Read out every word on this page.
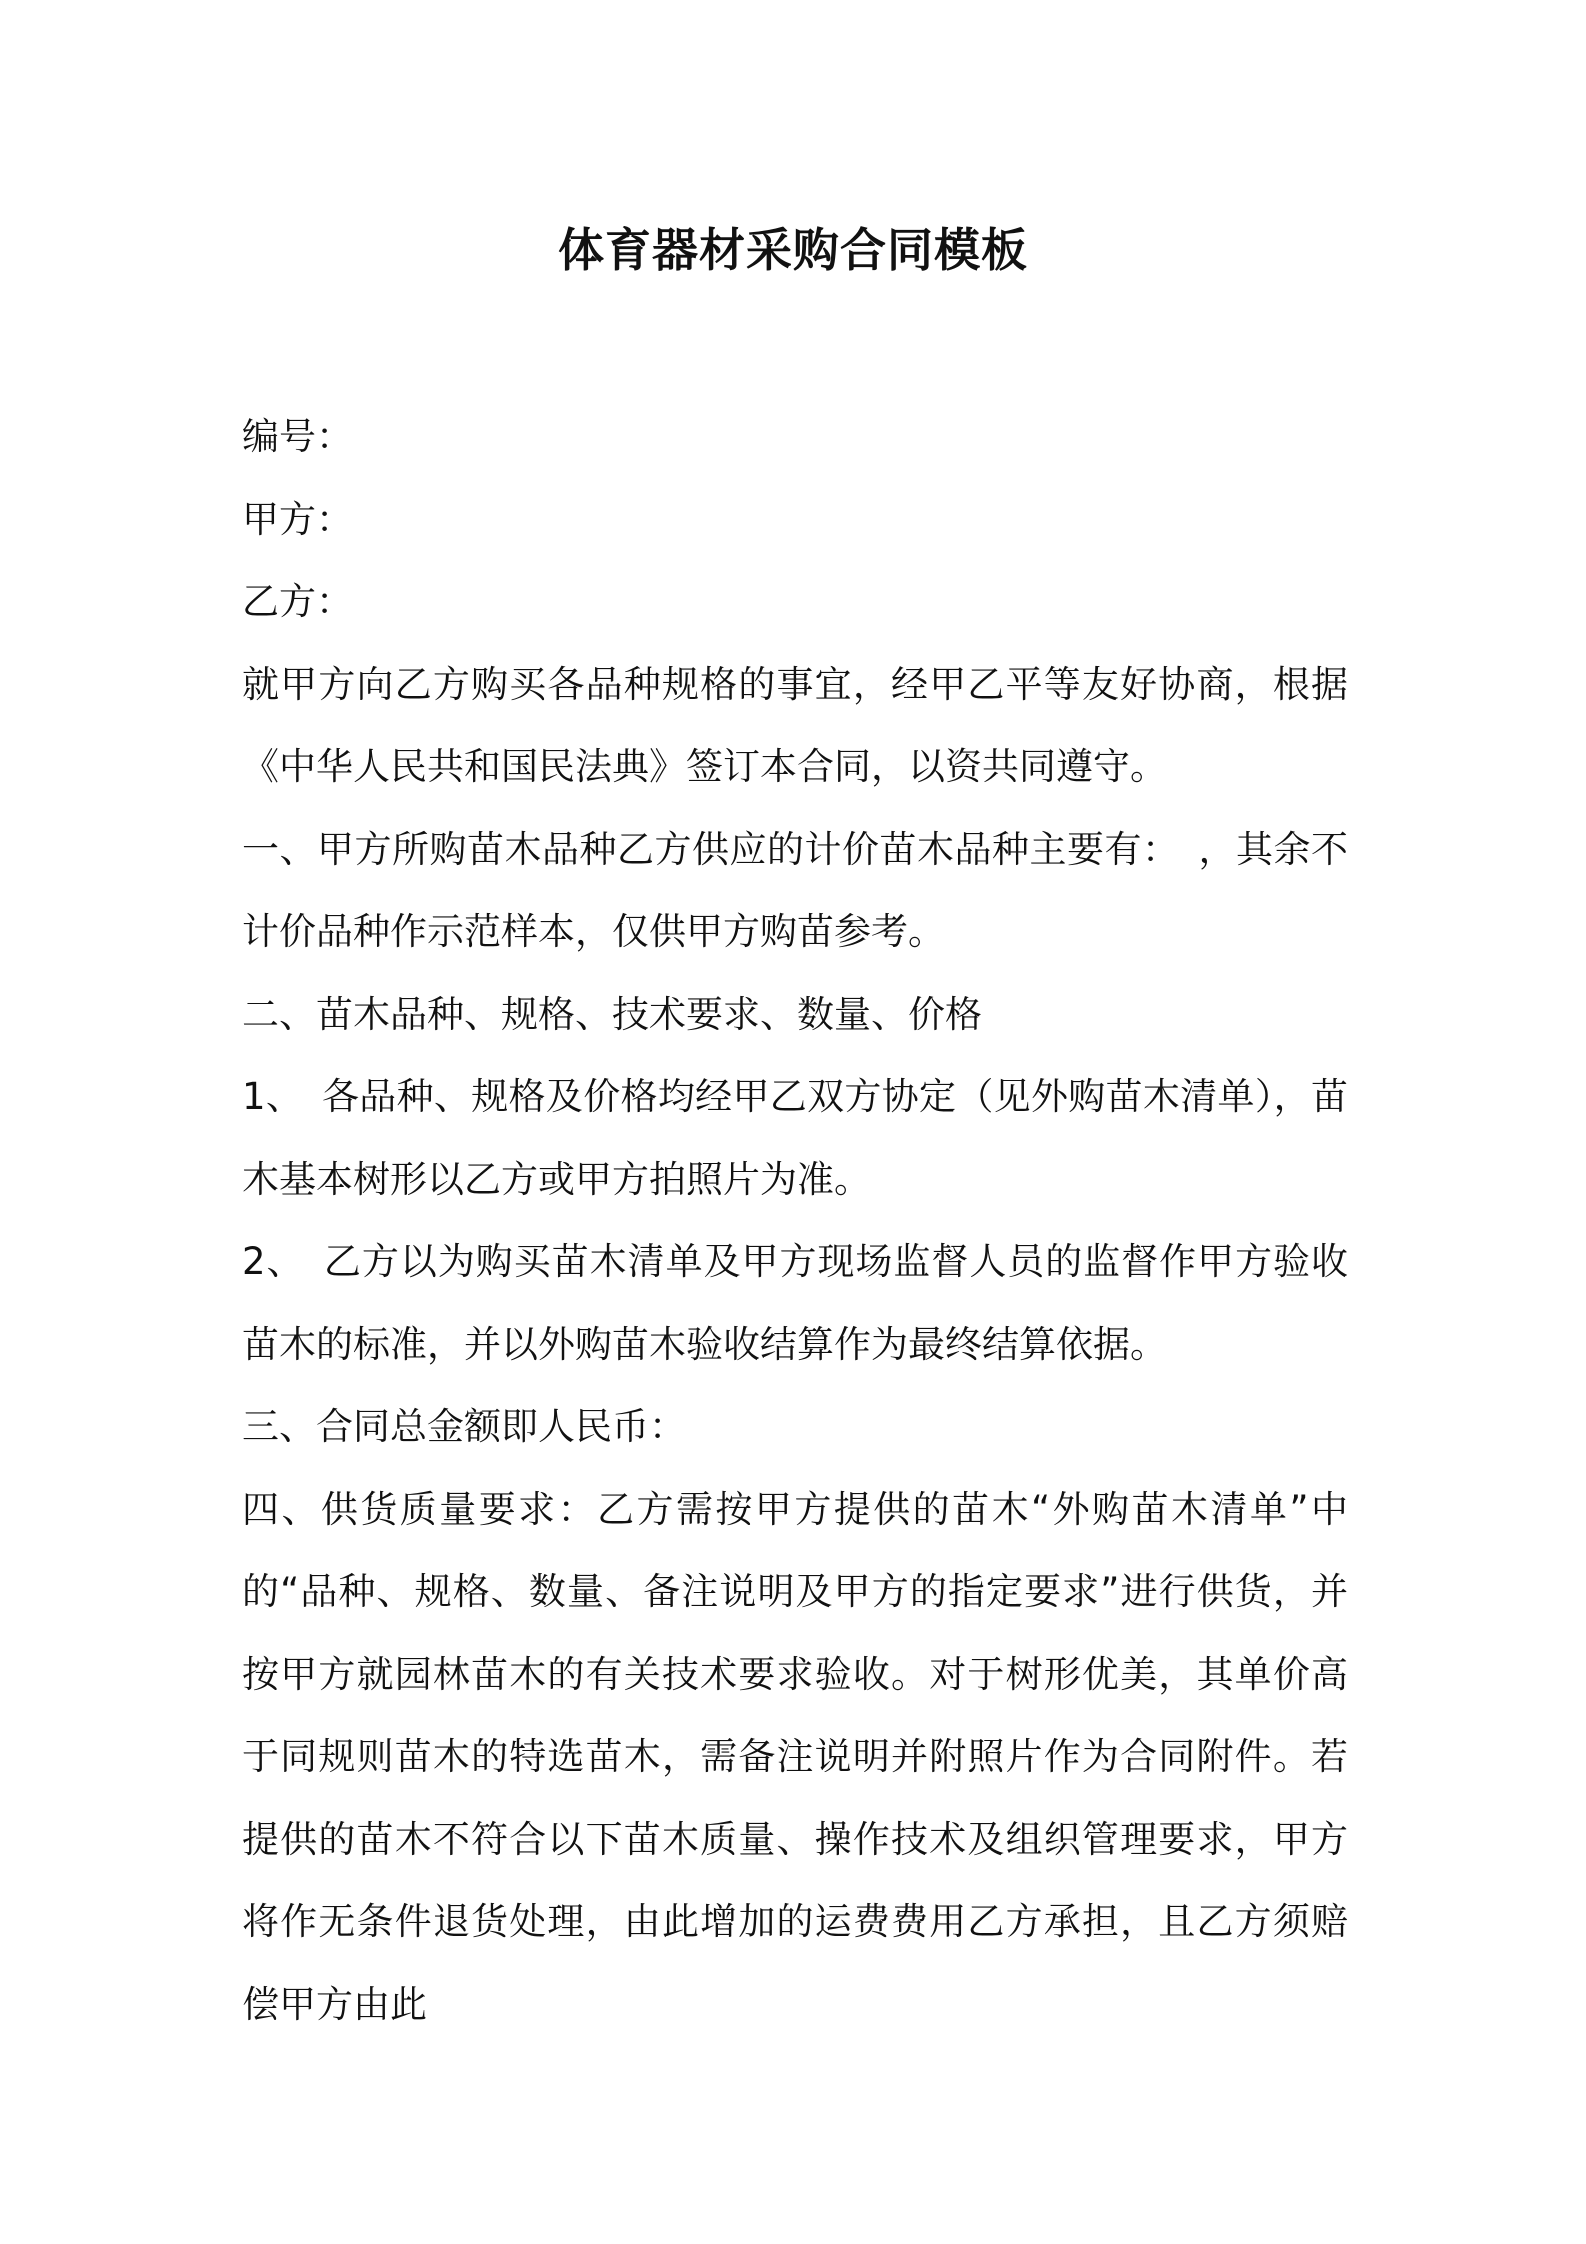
体育器材采购合同模板

编号：

甲方：

乙方：

就甲方向乙方购买各品种规格的事宜，经甲乙平等友好协商，根据《中华人民共和国民法典》签订本合同，以资共同遵守。

一、甲方所购苗木品种乙方供应的计价苗木品种主要有：　，其余不计价品种作示范样本，仅供甲方购苗参考。

二、苗木品种、规格、技术要求、数量、价格

1、　各品种、规格及价格均经甲乙双方协定（见外购苗木清单），苗木基本树形以乙方或甲方拍照片为准。

2、　乙方以为购买苗木清单及甲方现场监督人员的监督作甲方验收苗木的标准，并以外购苗木验收结算作为最终结算依据。

三、合同总金额即人民币：

四、供货质量要求：乙方需按甲方提供的苗木“外购苗木清单”中的“品种、规格、数量、备注说明及甲方的指定要求”进行供货，并按甲方就园林苗木的有关技术要求验收。对于树形优美，其单价高于同规则苗木的特选苗木，需备注说明并附照片作为合同附件。若提供的苗木不符合以下苗木质量、操作技术及组织管理要求，甲方将作无条件退货处理，由此增加的运费费用乙方承担，且乙方须赔偿甲方由此
